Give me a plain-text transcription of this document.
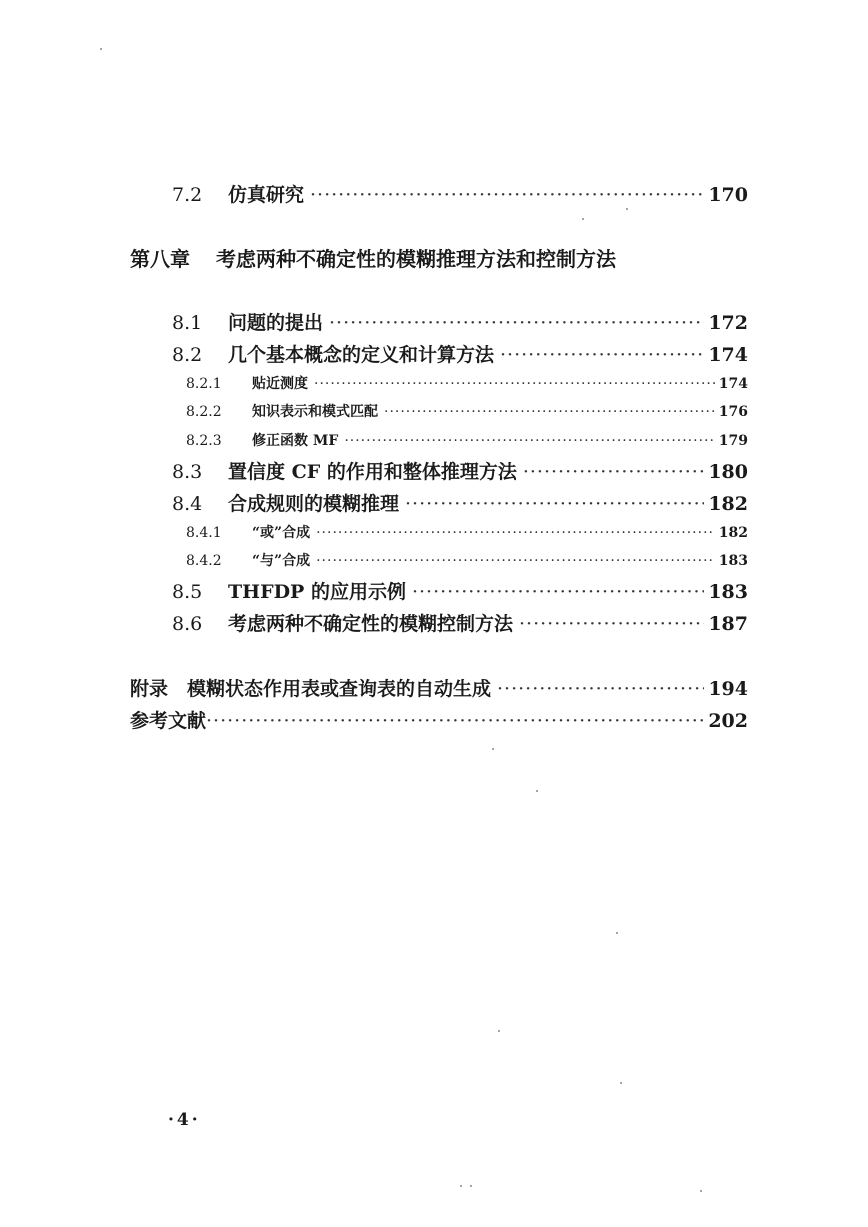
7.2	仿真研究 ·····	170
第八章 考虑两种不确定性的模糊推理方法和控制方法
8.1	问题的提出 ·····	172
8.2	几个基本概念的定义和计算方法 ·····	174
8.2.1	贴近测度 ·····	174
8.2.2	知识表示和模式匹配 ·····	176
8.2.3	修正函数 MF ·····	179
8.3	置信度 CF 的作用和整体推理方法 ·····	180
8.4	合成规则的模糊推理 ·····	182
8.4.1	“或”合成 ·····	182
8.4.2	“与”合成 ·····	183
8.5	THFDP 的应用示例 ·····	183
8.6	考虑两种不确定性的模糊控制方法 ·····	187
附录　模糊状态作用表或查询表的自动生成 ·····	194
参考文献 ·····	202
·4·
